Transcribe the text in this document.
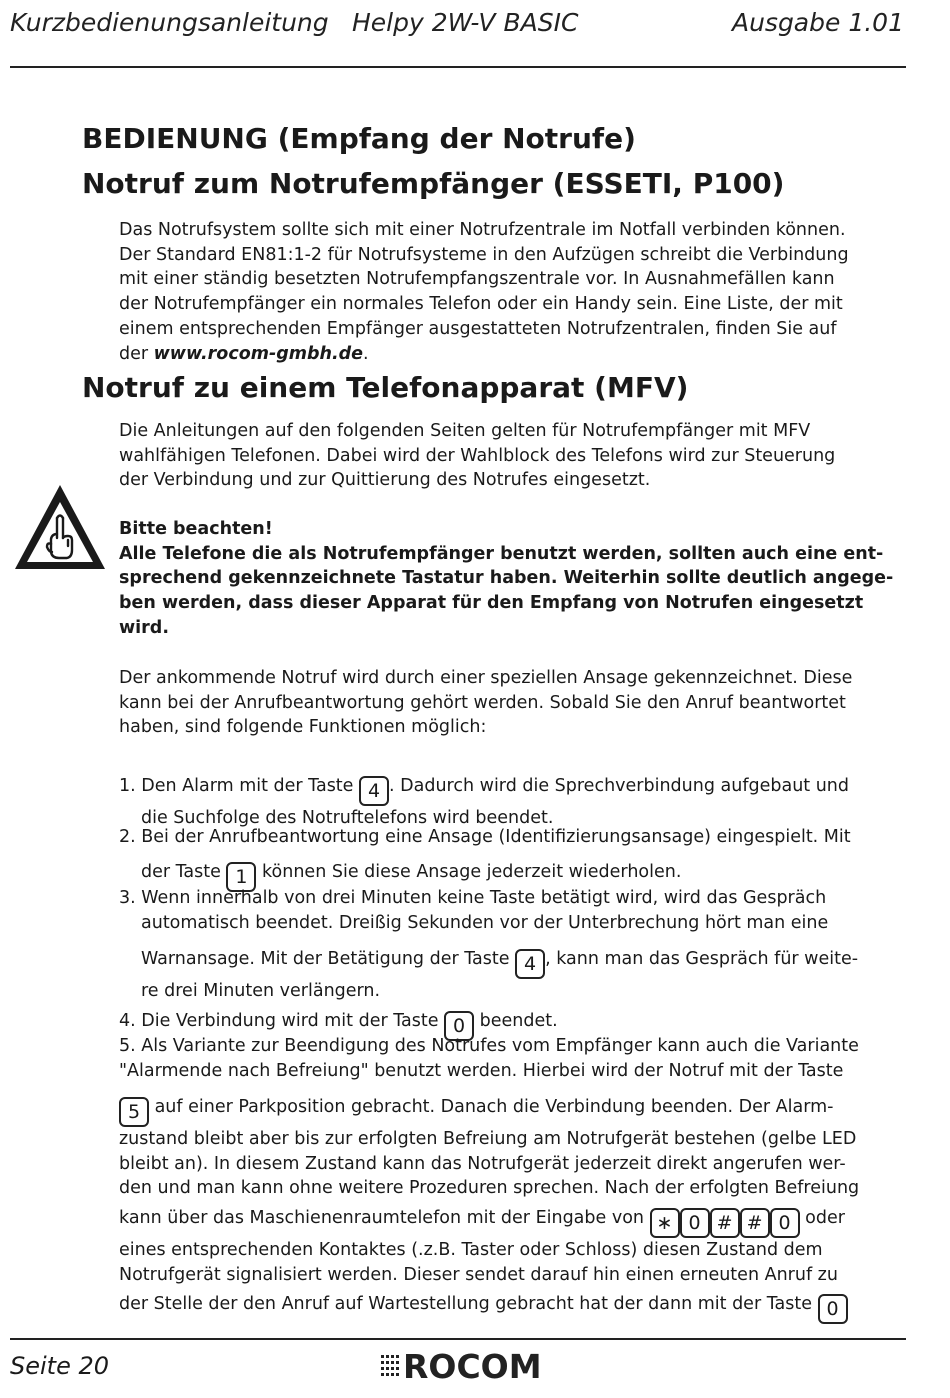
Kurzbedienungsanleitung Helpy 2W-V BASIC	Ausgabe 1.01
BEDIENUNG (Empfang der Notrufe)
Notruf zum Notrufempfänger (ESSETI, P100)

Das Notrufsystem sollte sich mit einer Notrufzentrale im Notfall verbinden können.
Der Standard EN81:1-2 für Notrufsysteme in den Aufzügen schreibt die Verbindung
mit einer ständig besetzten Notrufempfangszentrale vor. In Ausnahmefällen kann
der Notrufempfänger ein normales Telefon oder ein Handy sein. Eine Liste, der mit
einem entsprechenden Empfänger ausgestatteten Notrufzentralen, finden Sie auf
der www.rocom-gmbh.de.

Notruf zu einem Telefonapparat (MFV)

Die Anleitungen auf den folgenden Seiten gelten für Notrufempfänger mit MFV
wahlfähigen Telefonen. Dabei wird der Wahlblock des Telefons wird zur Steuerung
der Verbindung und zur Quittierung des Notrufes eingesetzt.

Bitte beachten!
Alle Telefone die als Notrufempfänger benutzt werden, sollten auch eine ent-
sprechend gekennzeichnete Tastatur haben. Weiterhin sollte deutlich angege-
ben werden, dass dieser Apparat für den Empfang von Notrufen eingesetzt
wird.

Der ankommende Notruf wird durch einer speziellen Ansage gekennzeichnet. Diese
kann bei der Anrufbeantwortung gehört werden. Sobald Sie den Anruf beantwortet
haben, sind folgende Funktionen möglich:

1. Den Alarm mit der Taste 4 . Dadurch wird die Sprechverbindung aufgebaut und
die Suchfolge des Notruftelefons wird beendet.

2. Bei der Anrufbeantwortung eine Ansage (Identifizierungsansage) eingespielt. Mit

der Taste 1 können Sie diese Ansage jederzeit wiederholen.

3. Wenn innerhalb von drei Minuten keine Taste betätigt wird, wird das Gespräch
automatisch beendet. Dreißig Sekunden vor der Unterbrechung hört man eine

Warnansage. Mit der Betätigung der Taste 4 , kann man das Gespräch für weite-
re drei Minuten verlängern.

4. Die Verbindung wird mit der Taste 0 beendet.

5. Als Variante zur Beendigung des Notrufes vom Empfänger kann auch die Variante
"Alarmende nach Befreiung" benutzt werden. Hierbei wird der Notruf mit der Taste

5 auf einer Parkposition gebracht. Danach die Verbindung beenden. Der Alarm-
zustand bleibt aber bis zur erfolgten Befreiung am Notrufgerät bestehen (gelbe LED
bleibt an). In diesem Zustand kann das Notrufgerät jederzeit direkt angerufen wer-
den und man kann ohne weitere Prozeduren sprechen. Nach der erfolgten Befreiung

kann über das Maschienenraumtelefon mit der Eingabe von ∗ 0 # # 0 oder
eines entsprechenden Kontaktes (.z.B. Taster oder Schloss) diesen Zustand dem
Notrufgerät signalisiert werden. Dieser sendet darauf hin einen erneuten Anruf zu

der Stelle der den Anruf auf Wartestellung gebracht hat der dann mit der Taste 0

Seite 20	ROCOM
